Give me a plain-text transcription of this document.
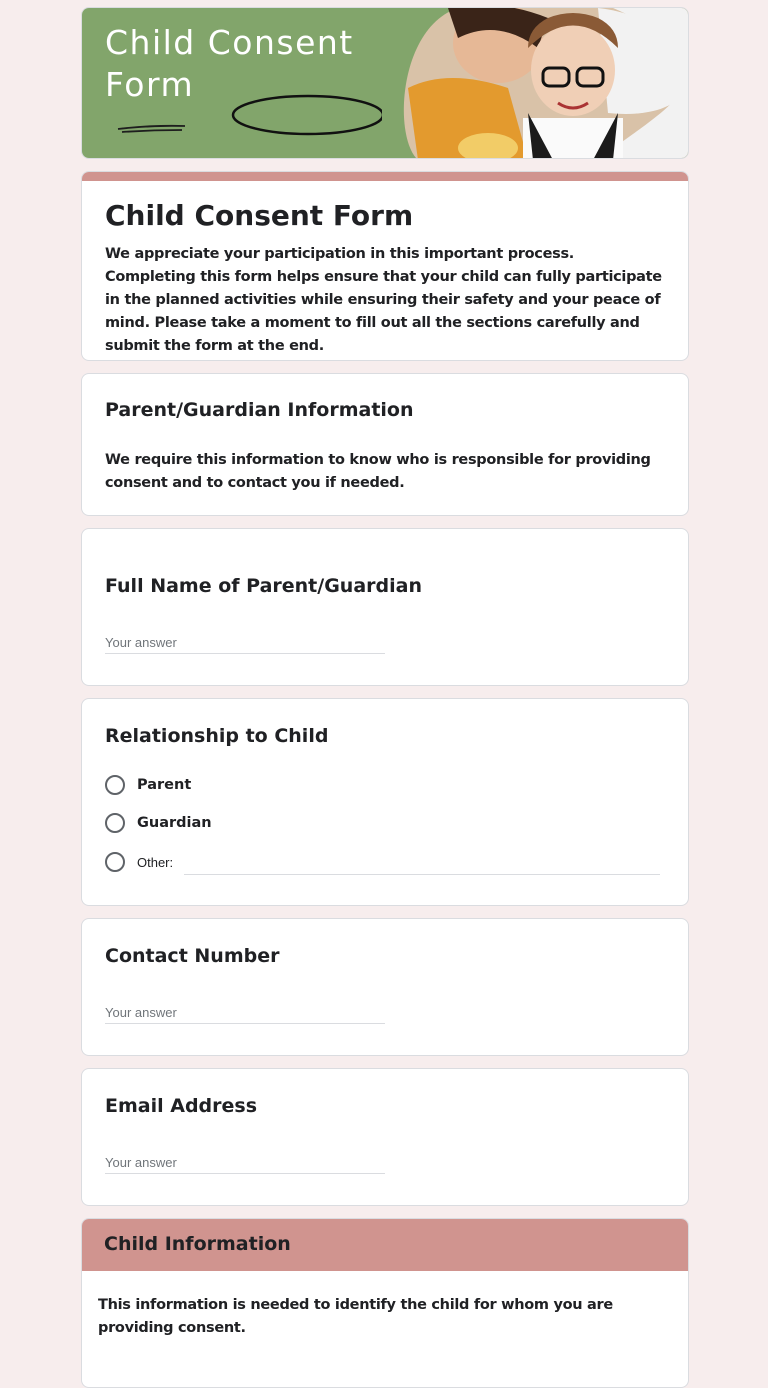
Child Consent
Form
Child Consent Form

We appreciate your participation in this important process. Completing this form helps ensure that your child can fully participate in the planned activities while ensuring their safety and your peace of mind. Please take a moment to fill out all the sections carefully and submit the form at the end.

Parent/Guardian Information

We require this information to know who is responsible for providing consent and to contact you if needed.

Full Name of Parent/Guardian
Your answer
Relationship to Child
Parent
Guardian
Other:
Contact Number
Your answer
Email Address
Your answer
Child Information

This information is needed to identify the child for whom you are providing consent.
